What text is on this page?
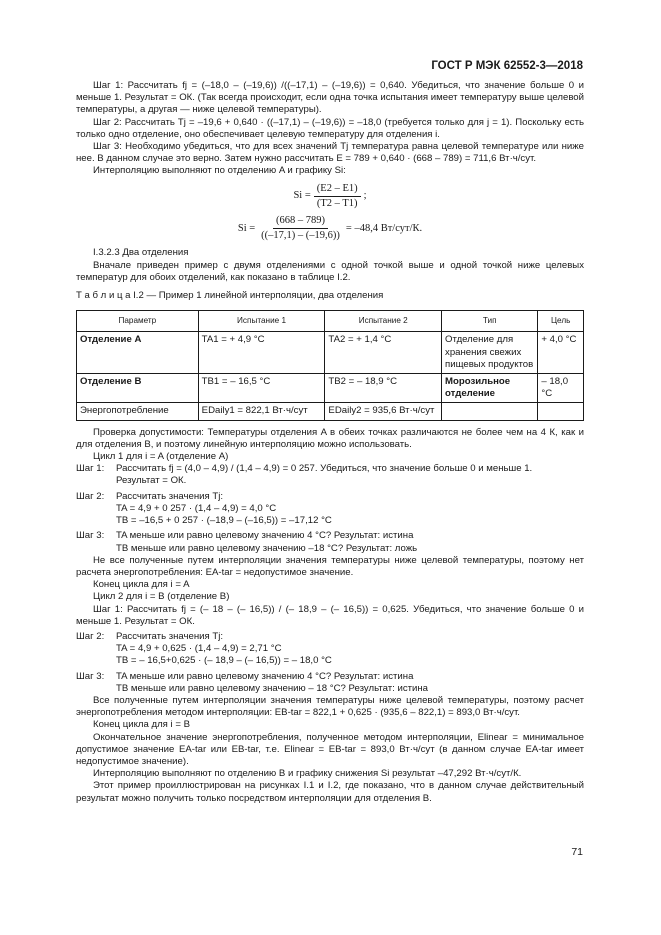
ГОСТ Р МЭК 62552-3—2018

Шаг 1: Рассчитать fj = (–18,0 – (–19,6)) /((–17,1) – (–19,6)) = 0,640. Убедиться, что значение больше 0 и меньше 1. Результат = ОК. (Так всегда происходит, если одна точка испытания имеет температуру выше целевой температуры, а другая — ниже целевой температуры).

Шаг 2: Рассчитать Tj = –19,6 + 0,640 · ((–17,1) – (–19,6)) = –18,0 (требуется только для j = 1). Поскольку есть только одно отделение, оно обеспечивает целевую температуру для отделения i.

Шаг 3: Необходимо убедиться, что для всех значений Tj температура равна целевой температуре или ниже нее. В данном случае это верно. Затем нужно рассчитать E = 789 + 0,640 · (668 – 789) = 711,6 Вт·ч/сут.

Интерполяцию выполняют по отделению A и графику Si:

$Si = \frac{(E2 - E1)}{(T2 - T1)}$ ;
$Si = \frac{(668 - 789)}{((-17,1) - (-19,6))} = -48,4$ Вт/сут/К.

I.3.2.3 Два отделения

Вначале приведен пример с двумя отделениями с одной точкой выше и одной точкой ниже целевых температур для обоих отделений, как показано в таблице I.2.

Т а б л и ц а I.2 — Пример 1 линейной интерполяции, два отделения

Параметр	Испытание 1	Испытание 2	Тип	Цель
Отделение A	TA1 = + 4,9 °C	TA2 = + 1,4 °C	Отделение для хранения свежих пищевых продуктов	+ 4,0 °C
Отделение B	TB1 = – 16,5 °C	TB2 = – 18,9 °C	Морозильное отделение	– 18,0 °C
Энергопотребление	EDaily1 = 822,1 Вт·ч/сут	EDaily2 = 935,6 Вт·ч/сут		

Проверка допустимости: Температуры отделения A в обеих точках различаются не более чем на 4 К, как и для отделения B, и поэтому линейную интерполяцию можно использовать.

Цикл 1 для i = A (отделение A)

Шаг 1:	Рассчитать fj = (4,0 – 4,9) / (1,4 – 4,9) = 0 257. Убедиться, что значение больше 0 и меньше 1.

Результат = ОК.

Шаг 2:	Рассчитать значения Tj:

TA = 4,9 + 0 257 · (1,4 – 4,9) = 4,0 °C

TB = –16,5 + 0 257 · (–18,9 – (–16,5)) = –17,12 °C

Шаг 3:	TA меньше или равно целевому значению 4 °C? Результат: истина

TB меньше или равно целевому значению –18 °C? Результат: ложь

Не все полученные путем интерполяции значения температуры ниже целевой температуры, поэтому нет расчета энергопотребления: EA-tar = недопустимое значение.

Конец цикла для i = A

Цикл 2 для i = B (отделение B)

Шаг 1: Рассчитать fj = (– 18 – (– 16,5)) / (– 18,9 – (– 16,5)) = 0,625. Убедиться, что значение больше 0 и меньше 1. Результат = ОК.

Шаг 2:	Рассчитать значения Tj:

TA = 4,9 + 0,625 · (1,4 – 4,9) = 2,71 °C

TB = – 16,5+0,625 · (– 18,9 – (– 16,5)) = – 18,0 °C

Шаг 3:	TA меньше или равно целевому значению 4 °C? Результат: истина

TB меньше или равно целевому значению – 18 °C? Результат: истина

Все полученные путем интерполяции значения температуры ниже целевой температуры, поэтому расчет энергопотребления методом интерполяции: EB-tar = 822,1 + 0,625 · (935,6 – 822,1) = 893,0 Вт·ч/сут.

Конец цикла для i = B

Окончательное значение энергопотребления, полученное методом интерполяции, Elinear = минимальное допустимое значение EA-tar или EB-tar, т.е. Elinear = EB-tar = 893,0 Вт·ч/сут (в данном случае EA-tar имеет недопустимое значение).

Интерполяцию выполняют по отделению B и графику снижения Si результат –47,292 Вт·ч/сут/К.

Этот пример проиллюстрирован на рисунках I.1 и I.2, где показано, что в данном случае действительный результат можно получить только посредством интерполяции для отделения B.

71
